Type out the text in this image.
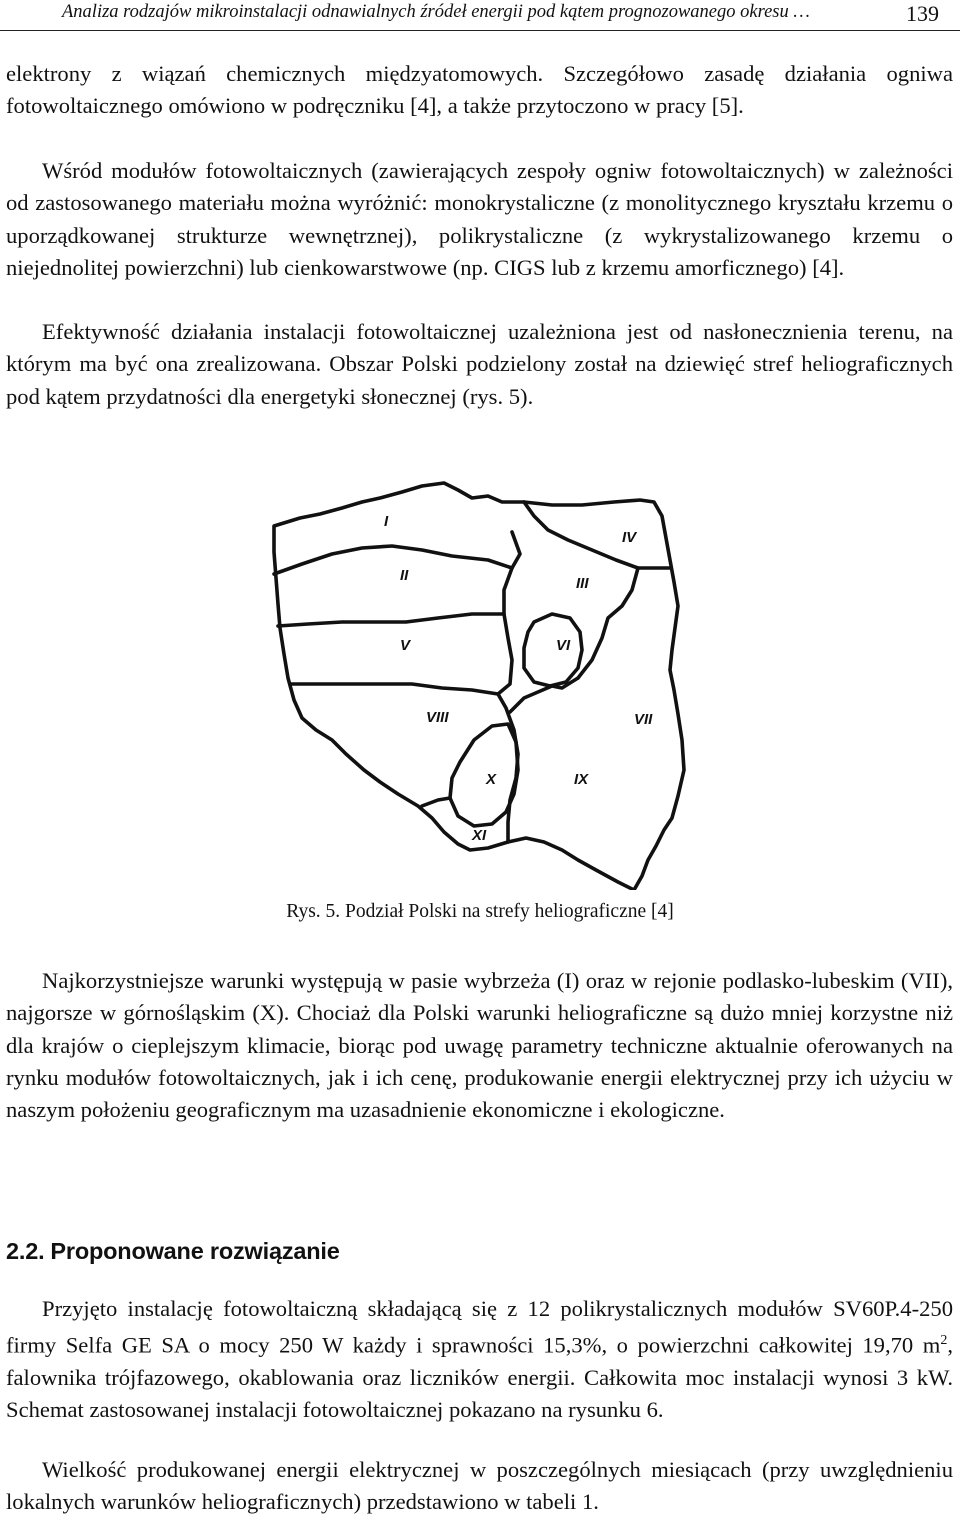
Analiza rodzajów mikroinstalacji odnawialnych źródeł energii pod kątem prognozowanego okresu …	139

elektrony z wiązań chemicznych międzyatomowych. Szczegółowo zasadę działania ogniwa fotowoltaicznego omówiono w podręczniku [4], a także przytoczono w pracy [5].

Wśród modułów fotowoltaicznych (zawierających zespoły ogniw fotowoltaicznych) w zależności od zastosowanego materiału można wyróżnić: monokrystaliczne (z monolitycznego kryształu krzemu o uporządkowanej strukturze wewnętrznej), polikrystaliczne (z wykrystalizowanego krzemu o niejednolitej powierzchni) lub cienkowarstwowe (np. CIGS lub z krzemu amorficznego) [4].

Efektywność działania instalacji fotowoltaicznej uzależniona jest od nasłonecznienia terenu, na którym ma być ona zrealizowana. Obszar Polski podzielony został na dziewięć stref heliograficznych pod kątem przydatności dla energetyki słonecznej (rys. 5).

I
II	III
IV
V	VI
VII
VIII
IX
X
XI
Rys. 5. Podział Polski na strefy heliograficzne [4]

Najkorzystniejsze warunki występują w pasie wybrzeża (I) oraz w rejonie podlasko-lubeskim (VII), najgorsze w górnośląskim (X). Chociaż dla Polski warunki heliograficzne są dużo mniej korzystne niż dla krajów o cieplejszym klimacie, biorąc pod uwagę parametry techniczne aktualnie oferowanych na rynku modułów fotowoltaicznych, jak i ich cenę, produkowanie energii elektrycznej przy ich użyciu w naszym położeniu geograficznym ma uzasadnienie ekonomiczne i ekologiczne.

2.2. Proponowane rozwiązanie

Przyjęto instalację fotowoltaiczną składającą się z 12 polikrystalicznych modułów SV60P.4-250 firmy Selfa GE SA o mocy 250 W każdy i sprawności 15,3%, o powierzchni całkowitej 19,70 $m^2$, falownika trójfazowego, okablowania oraz liczników energii. Całkowita moc instalacji wynosi 3 kW. Schemat zastosowanej instalacji fotowoltaicznej pokazano na rysunku 6.

Wielkość produkowanej energii elektrycznej w poszczególnych miesiącach (przy uwzględnieniu lokalnych warunków heliograficznych) przedstawiono w tabeli 1.
